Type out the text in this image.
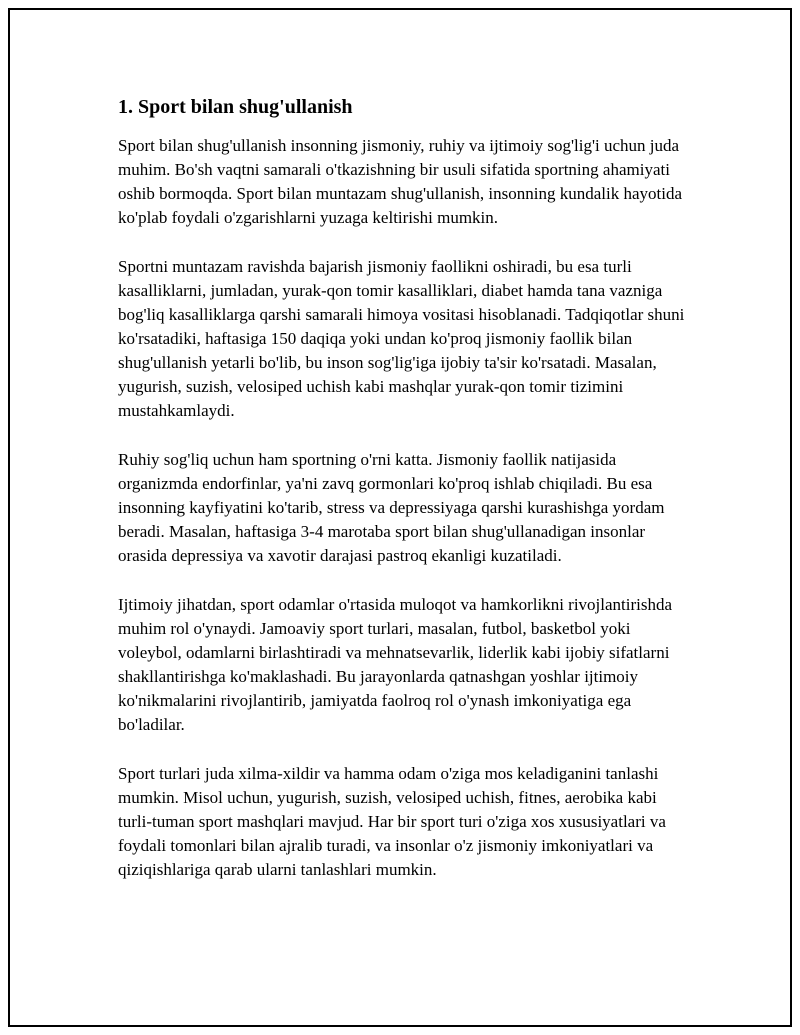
1. Sport bilan shug'ullanish

Sport bilan shug'ullanish insonning jismoniy, ruhiy va ijtimoiy sog'lig'i uchun juda muhim. Bo'sh vaqtni samarali o'tkazishning bir usuli sifatida sportning ahamiyati oshib bormoqda. Sport bilan muntazam shug'ullanish, insonning kundalik hayotida ko'plab foydali o'zgarishlarni yuzaga keltirishi mumkin.

Sportni muntazam ravishda bajarish jismoniy faollikni oshiradi, bu esa turli kasalliklarni, jumladan, yurak-qon tomir kasalliklari, diabet hamda tana vazniga bog'liq kasalliklarga qarshi samarali himoya vositasi hisoblanadi. Tadqiqotlar shuni ko'rsatadiki, haftasiga 150 daqiqa yoki undan ko'proq jismoniy faollik bilan shug'ullanish yetarli bo'lib, bu inson sog'lig'iga ijobiy ta'sir ko'rsatadi. Masalan, yugurish, suzish, velosiped uchish kabi mashqlar yurak-qon tomir tizimini mustahkamlaydi.

Ruhiy sog'liq uchun ham sportning o'rni katta. Jismoniy faollik natijasida organizmda endorfinlar, ya'ni zavq gormonlari ko'proq ishlab chiqiladi. Bu esa insonning kayfiyatini ko'tarib, stress va depressiyaga qarshi kurashishga yordam beradi. Masalan, haftasiga 3-4 marotaba sport bilan shug'ullanadigan insonlar orasida depressiya va xavotir darajasi pastroq ekanligi kuzatiladi.

Ijtimoiy jihatdan, sport odamlar o'rtasida muloqot va hamkorlikni rivojlantirishda muhim rol o'ynaydi. Jamoaviy sport turlari, masalan, futbol, basketbol yoki voleybol, odamlarni birlashtiradi va mehnatsevarlik, liderlik kabi ijobiy sifatlarni shakllantirishga ko'maklashadi. Bu jarayonlarda qatnashgan yoshlar ijtimoiy ko'nikmalarini rivojlantirib, jamiyatda faolroq rol o'ynash imkoniyatiga ega bo'ladilar.

Sport turlari juda xilma-xildir va hamma odam o'ziga mos keladiganini tanlashi mumkin. Misol uchun, yugurish, suzish, velosiped uchish, fitnes, aerobika kabi turli-tuman sport mashqlari mavjud. Har bir sport turi o'ziga xos xususiyatlari va foydali tomonlari bilan ajralib turadi, va insonlar o'z jismoniy imkoniyatlari va qiziqishlariga qarab ularni tanlashlari mumkin.
